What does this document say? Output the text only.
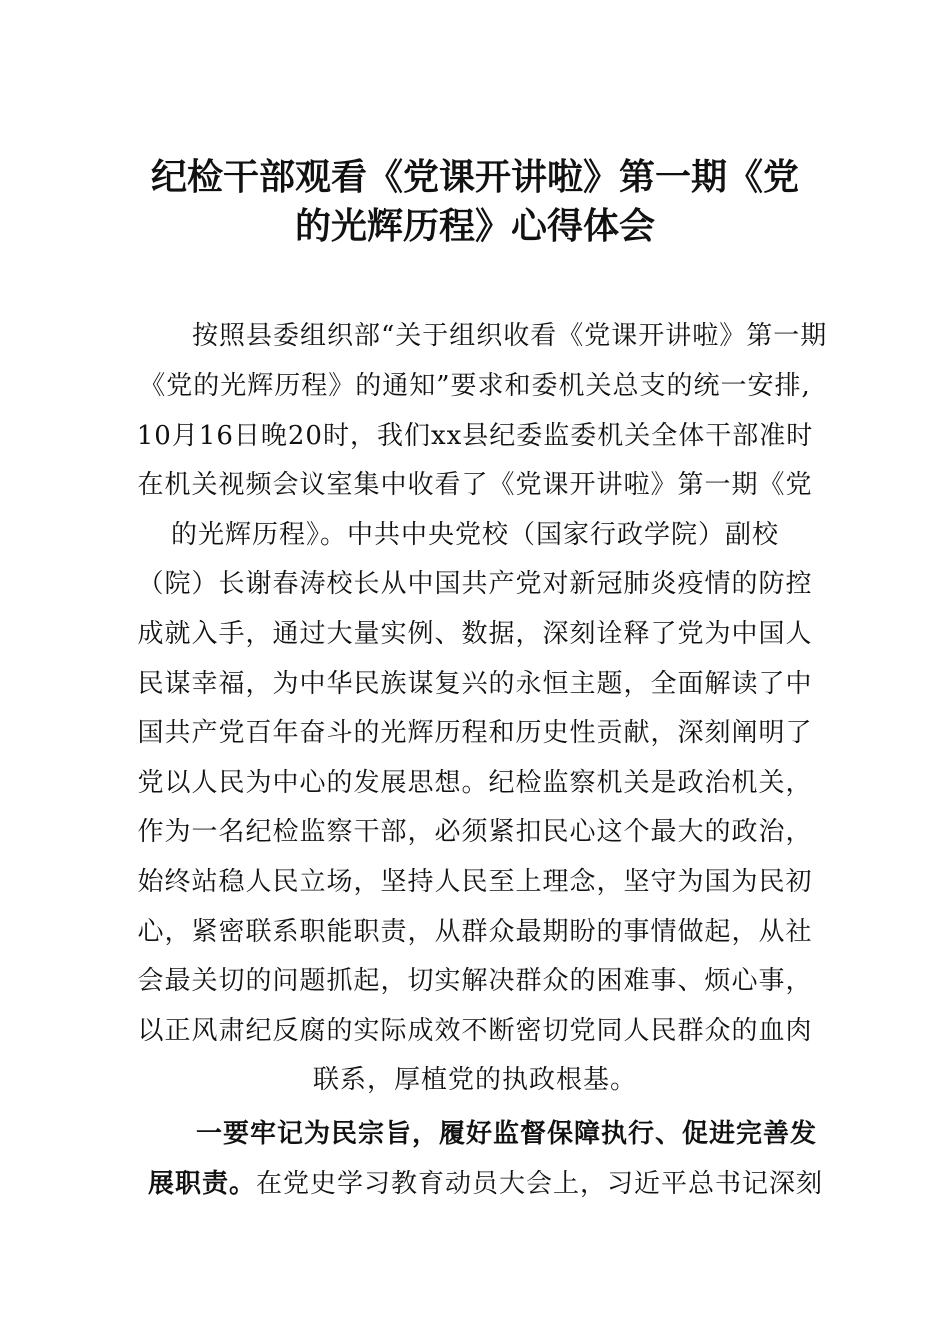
纪检干部观看《党课开讲啦》第一期《党
的光辉历程》心得体会
按照县委组织部“关于组织收看《党课开讲啦》第一期
《党的光辉历程》的通知”要求和委机关总支的统一安排,
10月16日晚20时，我们xx县纪委监委机关全体干部准时
在机关视频会议室集中收看了《党课开讲啦》第一期《党
的光辉历程》。中共中央党校（国家行政学院）副校
（院）长谢春涛校长从中国共产党对新冠肺炎疫情的防控
成就入手，通过大量实例、数据，深刻诠释了党为中国人
民谋幸福，为中华民族谋复兴的永恒主题，全面解读了中
国共产党百年奋斗的光辉历程和历史性贡献，深刻阐明了
党以人民为中心的发展思想。纪检监察机关是政治机关，
作为一名纪检监察干部，必须紧扣民心这个最大的政治，
始终站稳人民立场，坚持人民至上理念，坚守为国为民初
心，紧密联系职能职责，从群众最期盼的事情做起，从社
会最关切的问题抓起，切实解决群众的困难事、烦心事，
以正风肃纪反腐的实际成效不断密切党同人民群众的血肉
联系，厚植党的执政根基。
一要牢记为民宗旨，履好监督保障执行、促进完善发
展职责。在党史学习教育动员大会上，习近平总书记深刻
